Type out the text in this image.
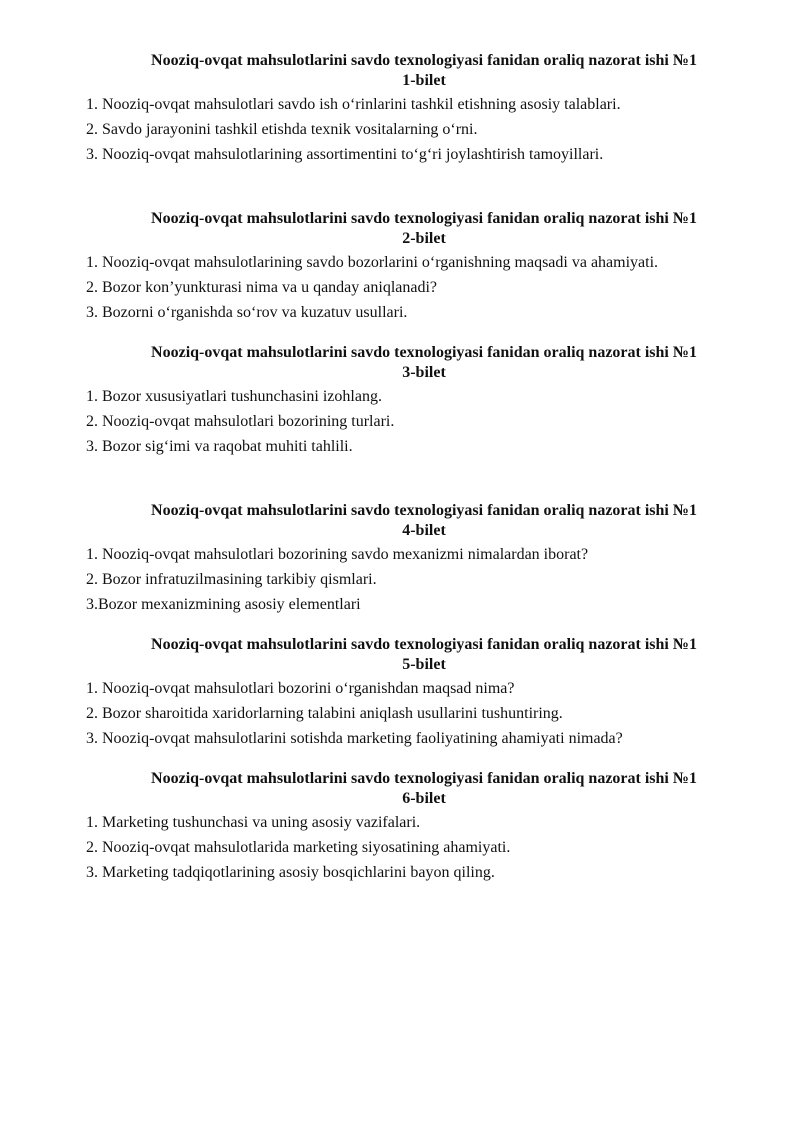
Nooziq-ovqat mahsulotlarini savdo texnologiyasi fanidan oraliq nazorat ishi №1

1-bilet

1. Nooziq-ovqat mahsulotlari savdo ish o‘rinlarini tashkil etishning asosiy talablari.

2. Savdo jarayonini tashkil etishda texnik vositalarning o‘rni.

3. Nooziq-ovqat mahsulotlarining assortimentini to‘g‘ri joylashtirish tamoyillari.

Nooziq-ovqat mahsulotlarini savdo texnologiyasi fanidan oraliq nazorat ishi №1

2-bilet

1. Nooziq-ovqat mahsulotlarining savdo bozorlarini o‘rganishning maqsadi va ahamiyati.

2. Bozor kon’yunkturasi nima va u qanday aniqlanadi?

3. Bozorni o‘rganishda so‘rov va kuzatuv usullari.

Nooziq-ovqat mahsulotlarini savdo texnologiyasi fanidan oraliq nazorat ishi №1

3-bilet

1. Bozor xususiyatlari tushunchasini izohlang.

2. Nooziq-ovqat mahsulotlari bozorining turlari.

3. Bozor sig‘imi va raqobat muhiti tahlili.

Nooziq-ovqat mahsulotlarini savdo texnologiyasi fanidan oraliq nazorat ishi №1

4-bilet

1. Nooziq-ovqat mahsulotlari bozorining savdo mexanizmi nimalardan iborat?

2. Bozor infratuzilmasining tarkibiy qismlari.

3.Bozor mexanizmining asosiy elementlari

Nooziq-ovqat mahsulotlarini savdo texnologiyasi fanidan oraliq nazorat ishi №1

5-bilet

1. Nooziq-ovqat mahsulotlari bozorini o‘rganishdan maqsad nima?

2. Bozor sharoitida xaridorlarning talabini aniqlash usullarini tushuntiring.

3. Nooziq-ovqat mahsulotlarini sotishda marketing faoliyatining ahamiyati nimada?

Nooziq-ovqat mahsulotlarini savdo texnologiyasi fanidan oraliq nazorat ishi №1

6-bilet

1. Marketing tushunchasi va uning asosiy vazifalari.

2. Nooziq-ovqat mahsulotlarida marketing siyosatining ahamiyati.

3. Marketing tadqiqotlarining asosiy bosqichlarini bayon qiling.
